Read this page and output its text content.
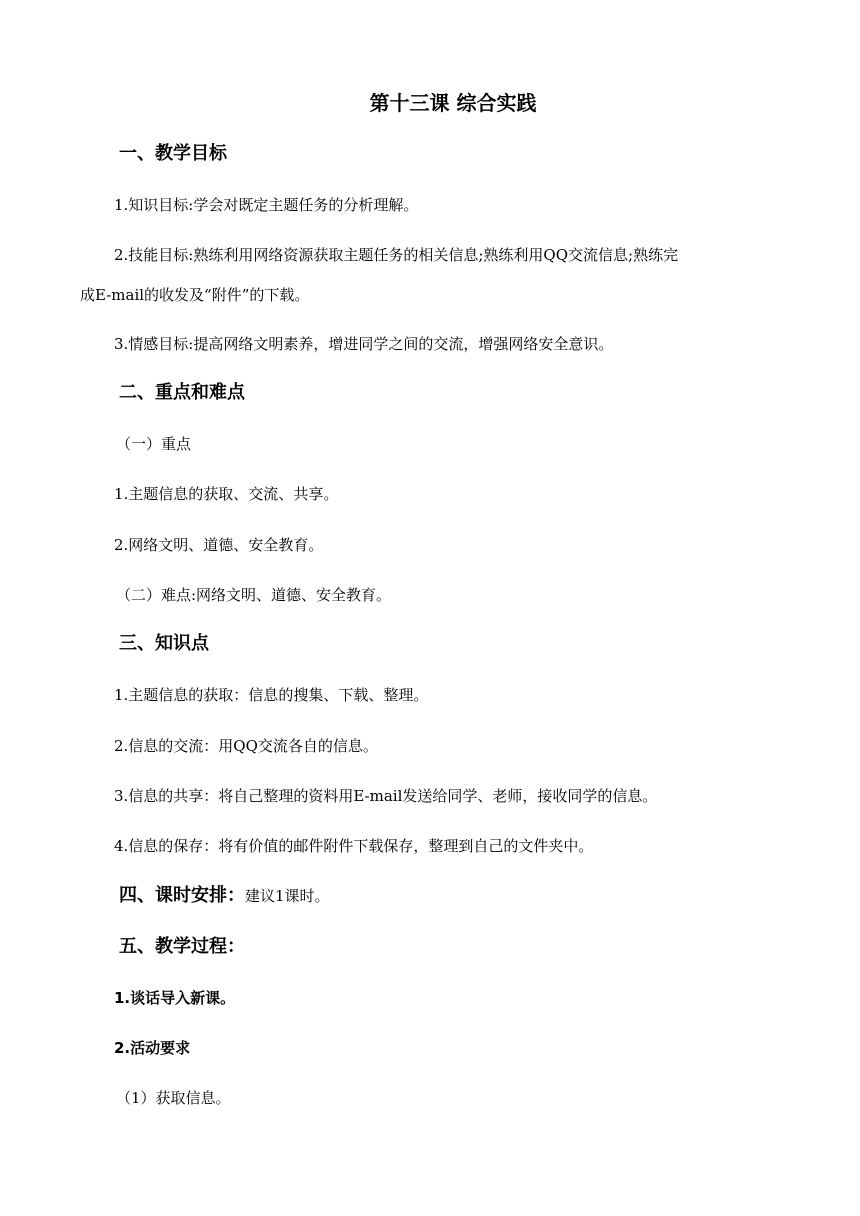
第十三课 综合实践
一、教学目标
1.知识目标:学会对既定主题任务的分析理解。
2.技能目标:熟练利用网络资源获取主题任务的相关信息;熟练利用QQ交流信息;熟练完
成E-mail的收发及“附件”的下载。
3.情感目标:提高网络文明素养，增进同学之间的交流，增强网络安全意识。
二、重点和难点
（一）重点
1.主题信息的获取、交流、共享。
2.网络文明、道德、安全教育。
（二）难点:网络文明、道德、安全教育。
三、知识点
1.主题信息的获取：信息的搜集、下载、整理。
2.信息的交流：用QQ交流各自的信息。
3.信息的共享：将自己整理的资料用E-mail发送给同学、老师，接收同学的信息。
4.信息的保存：将有价值的邮件附件下载保存，整理到自己的文件夹中。
四、课时安排：建议1课时。
五、教学过程：
1.谈话导入新课。
2.活动要求
（1）获取信息。
